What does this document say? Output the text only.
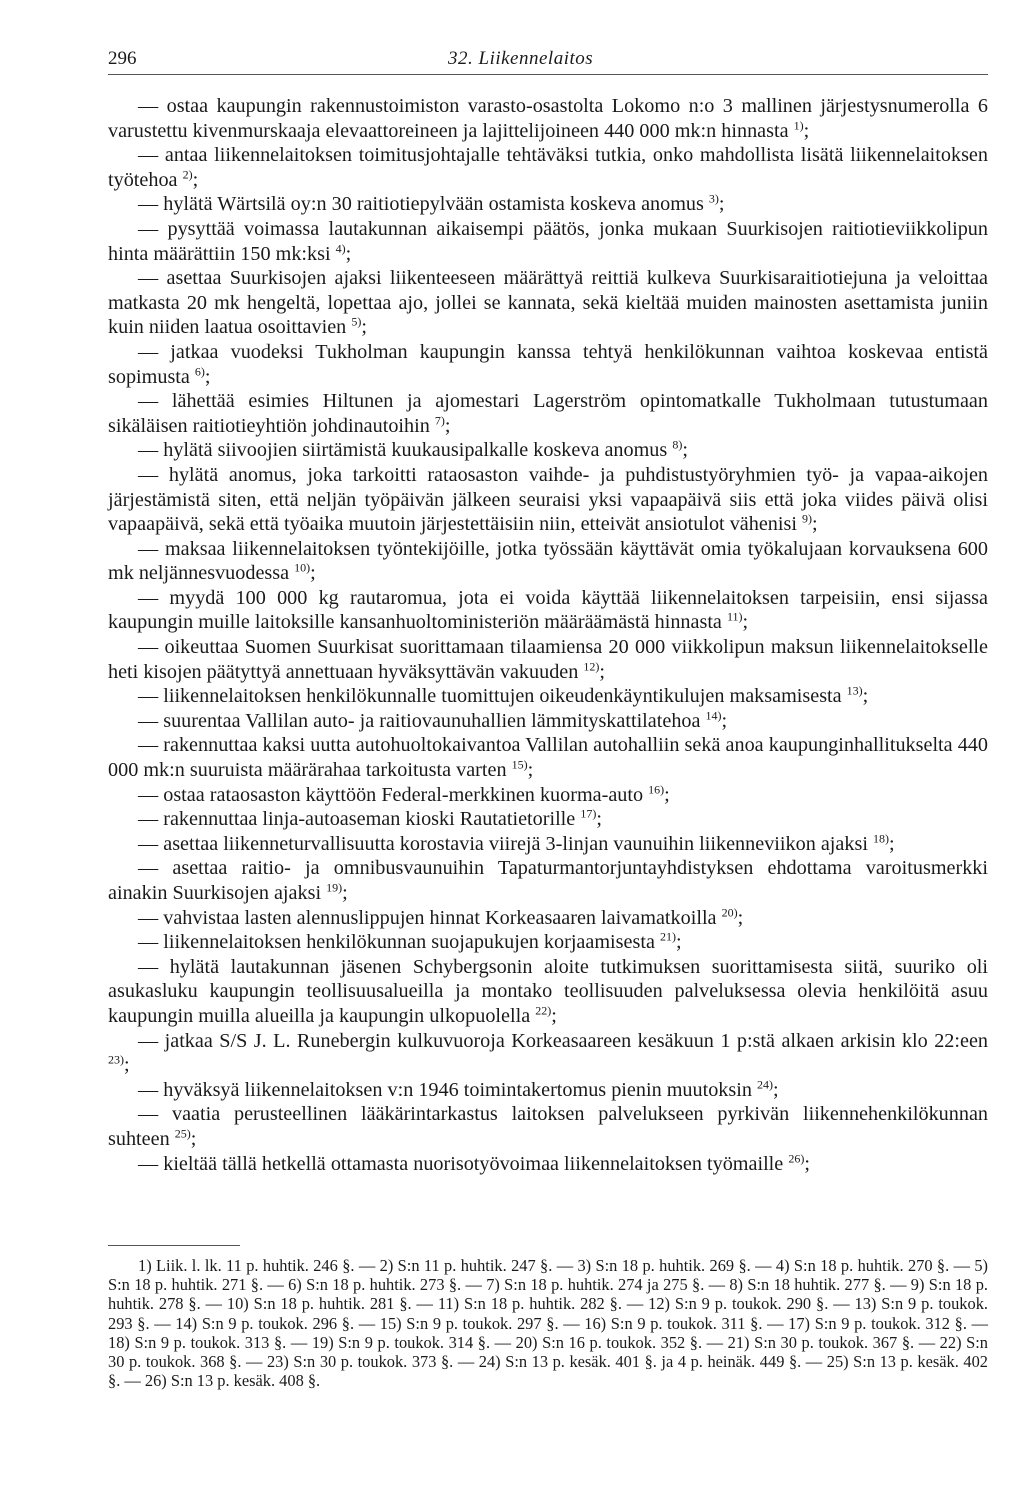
296	32. Liikennelaitos

— ostaa kaupungin rakennustoimiston varasto-osastolta Lokomo n:o 3 mallinen järjestysnumerolla 6 varustettu kivenmurskaaja elevaattoreineen ja lajittelijoineen 440 000 mk:n hinnasta $^{1)}$;

— antaa liikennelaitoksen toimitusjohtajalle tehtäväksi tutkia, onko mahdollista lisätä liikennelaitoksen työtehoa $^{2)}$;

— hylätä Wärtsilä oy:n 30 raitiotiepylvään ostamista koskeva anomus $^{3)}$;

— pysyttää voimassa lautakunnan aikaisempi päätös, jonka mukaan Suurkisojen raitiotieviikkolipun hinta määrättiin 150 mk:ksi $^{4)}$;

— asettaa Suurkisojen ajaksi liikenteeseen määrättyä reittiä kulkeva Suurkisaraitiotiejuna ja veloittaa matkasta 20 mk hengeltä, lopettaa ajo, jollei se kannata, sekä kieltää muiden mainosten asettamista juniin kuin niiden laatua osoittavien $^{5)}$;

— jatkaa vuodeksi Tukholman kaupungin kanssa tehtyä henkilökunnan vaihtoa koskevaa entistä sopimusta $^{6)}$;

— lähettää esimies Hiltunen ja ajomestari Lagerström opintomatkalle Tukholmaan tutustumaan sikäläisen raitiotieyhtiön johdinautoihin $^{7)}$;

— hylätä siivoojien siirtämistä kuukausipalkalle koskeva anomus $^{8)}$;

— hylätä anomus, joka tarkoitti rataosaston vaihde- ja puhdistustyöryhmien työ- ja vapaa-aikojen järjestämistä siten, että neljän työpäivän jälkeen seuraisi yksi vapaapäivä siis että joka viides päivä olisi vapaapäivä, sekä että työaika muutoin järjestettäisiin niin, etteivät ansiotulot vähenisi $^{9)}$;

— maksaa liikennelaitoksen työntekijöille, jotka työssään käyttävät omia työkalujaan korvauksena 600 mk neljännesvuodessa $^{10)}$;

— myydä 100 000 kg rautaromua, jota ei voida käyttää liikennelaitoksen tarpeisiin, ensi sijassa kaupungin muille laitoksille kansanhuoltoministeriön määräämästä hinnasta $^{11)}$;

— oikeuttaa Suomen Suurkisat suorittamaan tilaamiensa 20 000 viikkolipun maksun liikennelaitokselle heti kisojen päätyttyä annettuaan hyväksyttävän vakuuden $^{12)}$;

— liikennelaitoksen henkilökunnalle tuomittujen oikeudenkäyntikulujen maksamisesta $^{13)}$;

— suurentaa Vallilan auto- ja raitiovaunuhallien lämmityskattilatehoa $^{14)}$;

— rakennuttaa kaksi uutta autohuoltokaivantoa Vallilan autohalliin sekä anoa kaupunginhallitukselta 440 000 mk:n suuruista määrärahaa tarkoitusta varten $^{15)}$;

— ostaa rataosaston käyttöön Federal-merkkinen kuorma-auto $^{16)}$;

— rakennuttaa linja-autoaseman kioski Rautatietorille $^{17)}$;

— asettaa liikenneturvallisuutta korostavia viirejä 3-linjan vaunuihin liikenneviikon ajaksi $^{18)}$;

— asettaa raitio- ja omnibusvaunuihin Tapaturmantorjuntayhdistyksen ehdottama varoitusmerkki ainakin Suurkisojen ajaksi $^{19)}$;

— vahvistaa lasten alennuslippujen hinnat Korkeasaaren laivamatkoilla $^{20)}$;

— liikennelaitoksen henkilökunnan suojapukujen korjaamisesta $^{21)}$;

— hylätä lautakunnan jäsenen Schybergsonin aloite tutkimuksen suorittamisesta siitä, suuriko oli asukasluku kaupungin teollisuusalueilla ja montako teollisuuden palveluksessa olevia henkilöitä asuu kaupungin muilla alueilla ja kaupungin ulkopuolella $^{22)}$;

— jatkaa S/S J. L. Runebergin kulkuvuoroja Korkeasaareen kesäkuun 1 p:stä alkaen arkisin klo 22:een $^{23)}$;

— hyväksyä liikennelaitoksen v:n 1946 toimintakertomus pienin muutoksin $^{24)}$;

— vaatia perusteellinen lääkärintarkastus laitoksen palvelukseen pyrkivän liikennehenkilökunnan suhteen $^{25)}$;

— kieltää tällä hetkellä ottamasta nuorisotyövoimaa liikennelaitoksen työmaille $^{26)}$;

1) Liik. l. lk. 11 p. huhtik. 246 §. — 2) S:n 11 p. huhtik. 247 §. — 3) S:n 18 p. huhtik. 269 §. — 4) S:n 18 p. huhtik. 270 §. — 5) S:n 18 p. huhtik. 271 §. — 6) S:n 18 p. huhtik. 273 §. — 7) S:n 18 p. huhtik. 274 ja 275 §. — 8) S:n 18 huhtik. 277 §. — 9) S:n 18 p. huhtik. 278 §. — 10) S:n 18 p. huhtik. 281 §. — 11) S:n 18 p. huhtik. 282 §. — 12) S:n 9 p. toukok. 290 §. — 13) S:n 9 p. toukok. 293 §. — 14) S:n 9 p. toukok. 296 §. — 15) S:n 9 p. toukok. 297 §. — 16) S:n 9 p. toukok. 311 §. — 17) S:n 9 p. toukok. 312 §. — 18) S:n 9 p. toukok. 313 §. — 19) S:n 9 p. toukok. 314 §. — 20) S:n 16 p. toukok. 352 §. — 21) S:n 30 p. toukok. 367 §. — 22) S:n 30 p. toukok. 368 §. — 23) S:n 30 p. toukok. 373 §. — 24) S:n 13 p. kesäk. 401 §. ja 4 p. heinäk. 449 §. — 25) S:n 13 p. kesäk. 402 §. — 26) S:n 13 p. kesäk. 408 §.
